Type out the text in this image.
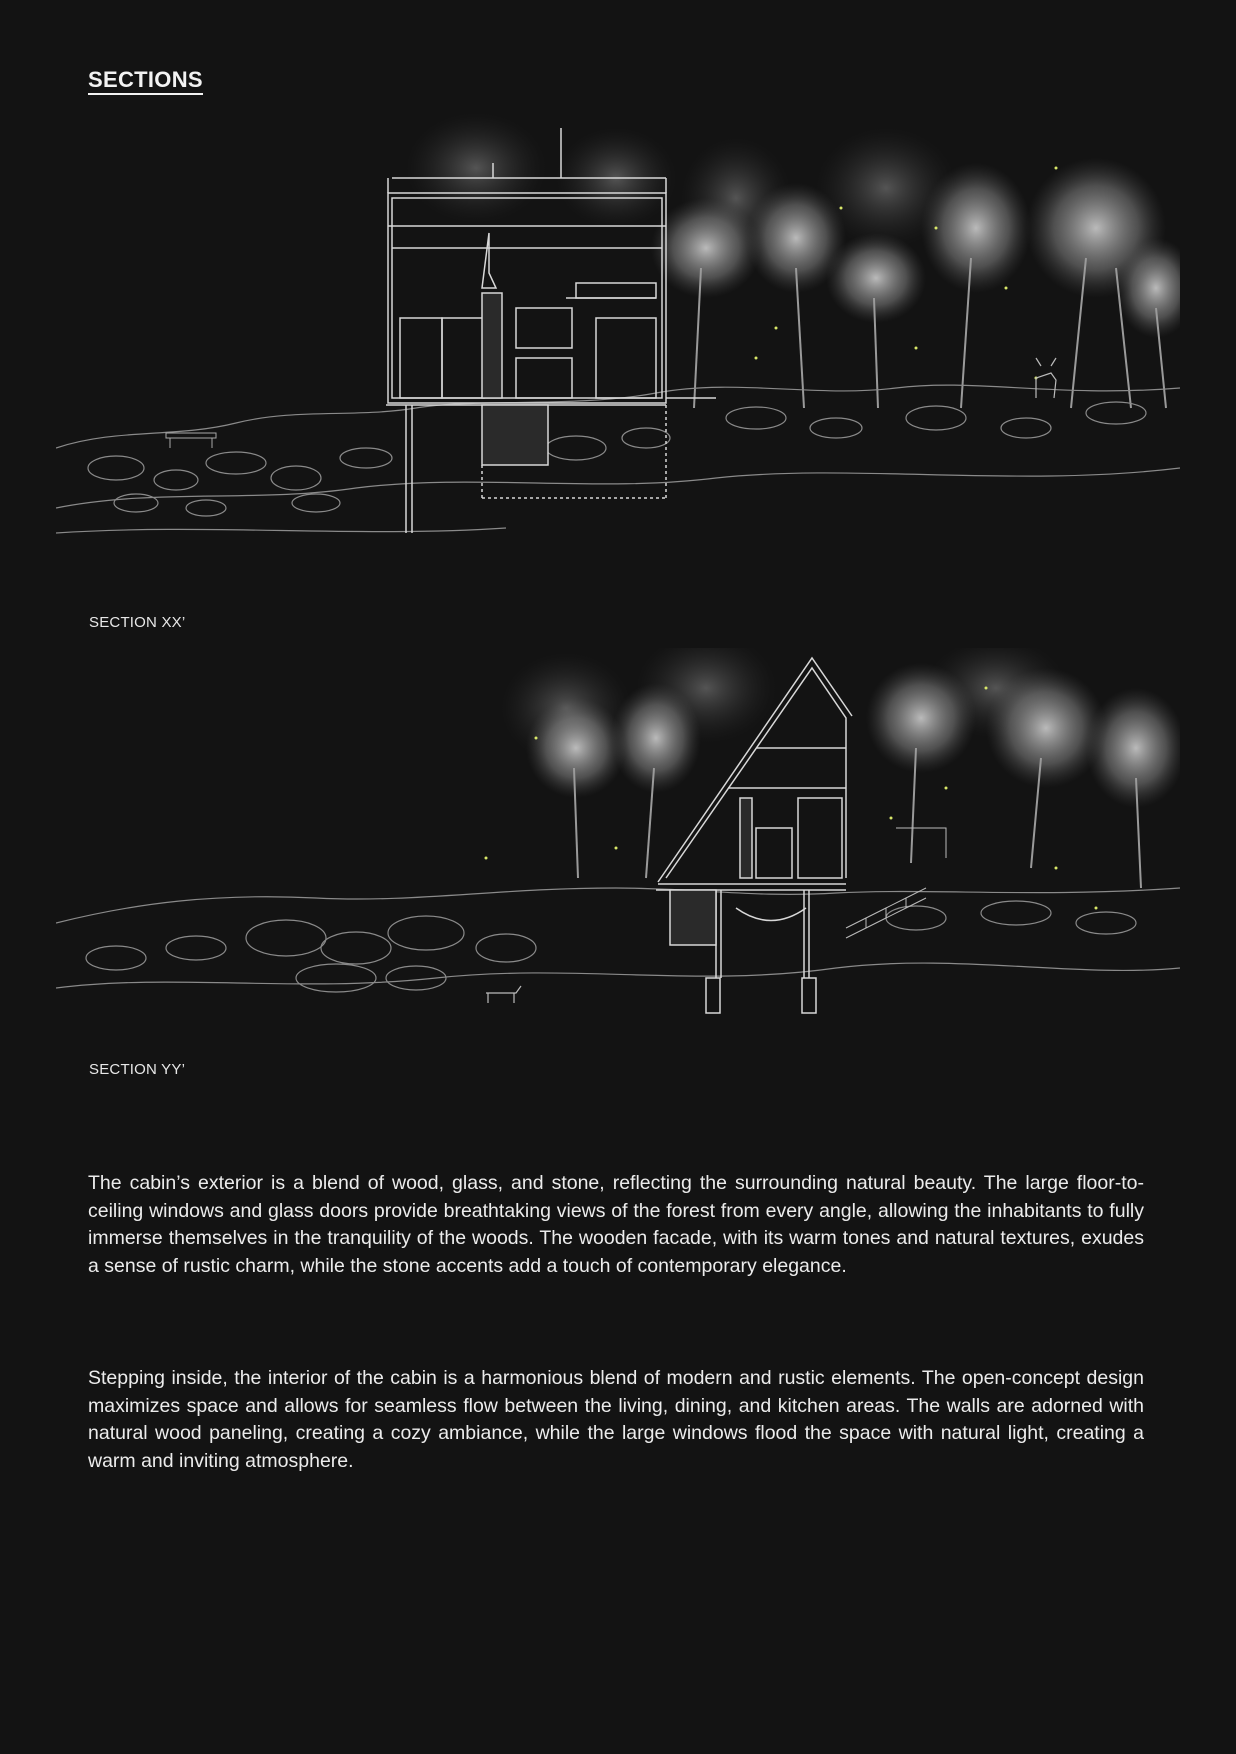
SECTIONS
SECTION XX’
SECTION YY’

The cabin’s exterior is a blend of wood, glass, and stone, reflecting the surrounding natural beauty. The large floor-to-ceiling windows and glass doors provide breathtaking views of the forest from every angle, allowing the inhabitants to fully immerse themselves in the tranquility of the woods. The wooden facade, with its warm tones and natural textures, exudes a sense of rustic charm, while the stone accents add a touch of contemporary elegance.

Stepping inside, the interior of the cabin is a harmonious blend of modern and rustic elements. The open-concept design maximizes space and allows for seamless flow between the living, dining, and kitchen areas. The walls are adorned with natural wood paneling, creating a cozy ambiance, while the large windows flood the space with natural light, creating a warm and inviting atmosphere.
